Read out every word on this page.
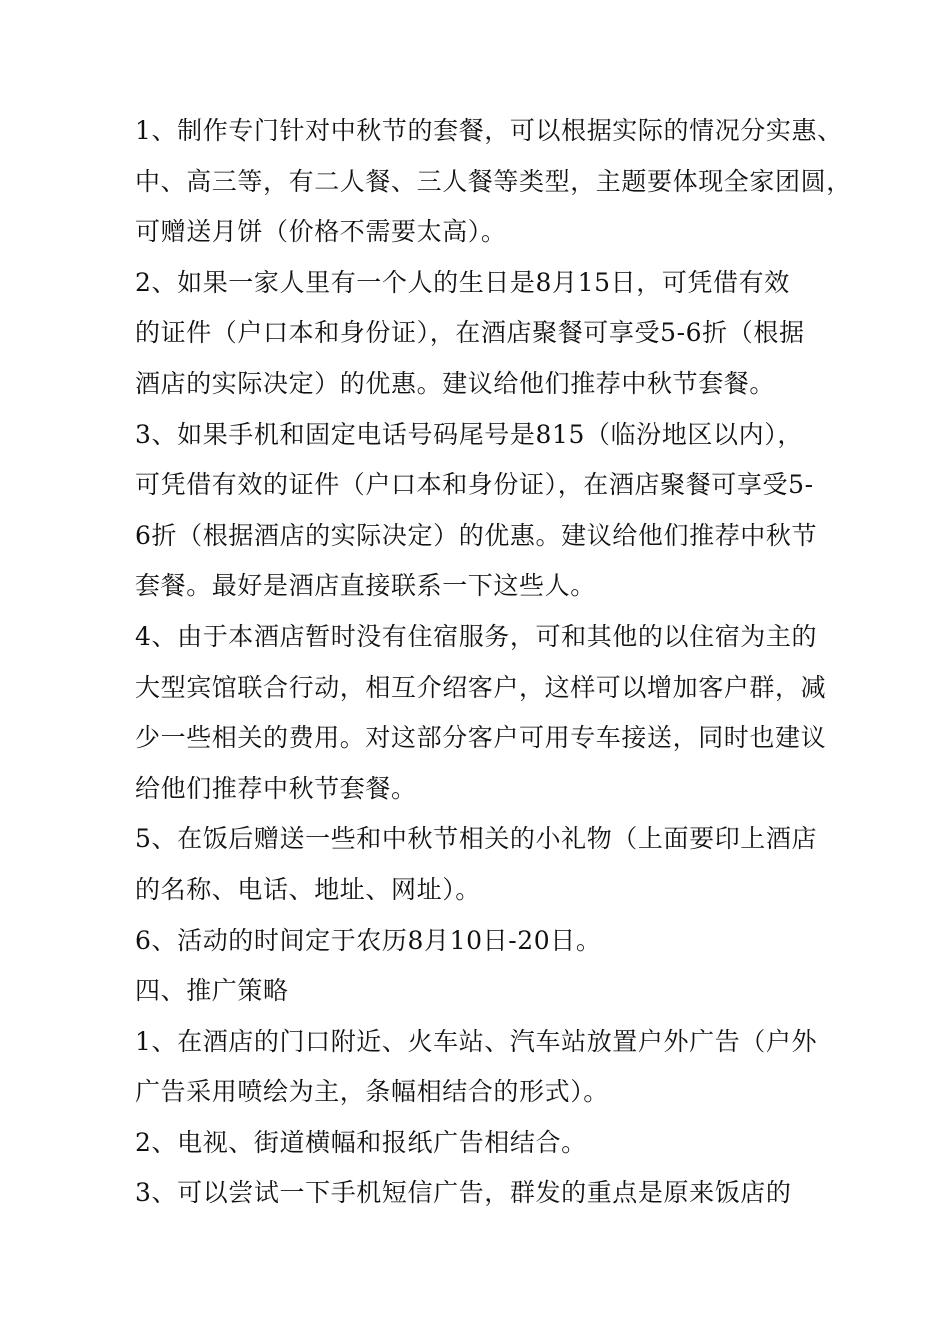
1、制作专门针对中秋节的套餐，可以根据实际的情况分实惠、
中、高三等，有二人餐、三人餐等类型，主题要体现全家团圆，
可赠送月饼（价格不需要太高）。
2、如果一家人里有一个人的生日是8月15日，可凭借有效
的证件（户口本和身份证），在酒店聚餐可享受5-6折（根据
酒店的实际决定）的优惠。建议给他们推荐中秋节套餐。
3、如果手机和固定电话号码尾号是815（临汾地区以内），
可凭借有效的证件（户口本和身份证），在酒店聚餐可享受5-
6折（根据酒店的实际决定）的优惠。建议给他们推荐中秋节
套餐。最好是酒店直接联系一下这些人。
4、由于本酒店暂时没有住宿服务，可和其他的以住宿为主的
大型宾馆联合行动，相互介绍客户，这样可以增加客户群，减
少一些相关的费用。对这部分客户可用专车接送，同时也建议
给他们推荐中秋节套餐。
5、在饭后赠送一些和中秋节相关的小礼物（上面要印上酒店
的名称、电话、地址、网址）。
6、活动的时间定于农历8月10日-20日。
四、推广策略
1、在酒店的门口附近、火车站、汽车站放置户外广告（户外
广告采用喷绘为主，条幅相结合的形式）。
2、电视、街道横幅和报纸广告相结合。
3、可以尝试一下手机短信广告，群发的重点是原来饭店的
